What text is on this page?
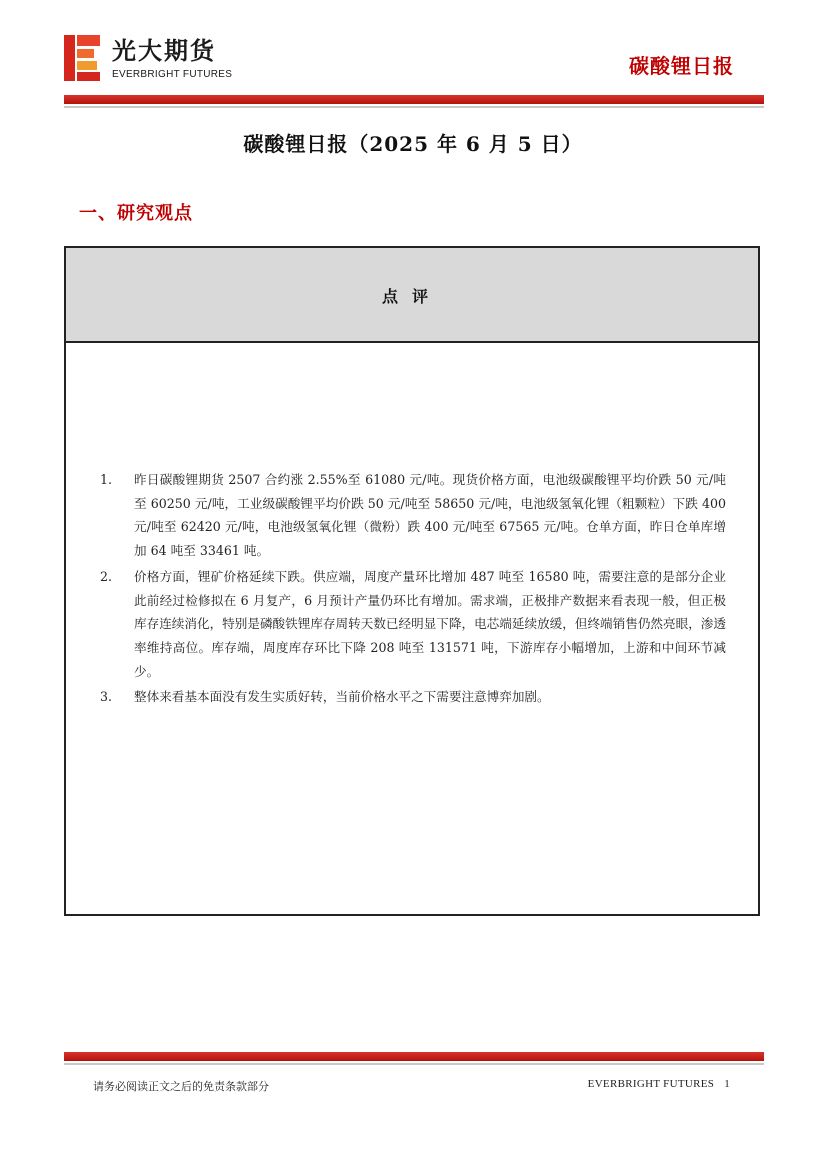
光大期货
EVERBRIGHT FUTURES	碳酸锂日报
碳酸锂日报（2025 年 6 月 5 日）
一、研究观点
点评
1. 昨日碳酸锂期货 2507 合约涨 2.55%至 61080 元/吨。现货价格方面，电池级碳酸锂平均价跌 50 元/吨至 60250 元/吨，工业级碳酸锂平均价跌 50 元/吨至 58650 元/吨，电池级氢氧化锂（粗颗粒）下跌 400 元/吨至 62420 元/吨，电池级氢氧化锂（微粉）跌 400 元/吨至 67565 元/吨。仓单方面，昨日仓单库增加 64 吨至 33461 吨。
2. 价格方面，锂矿价格延续下跌。供应端，周度产量环比增加 487 吨至 16580 吨，需要注意的是部分企业此前经过检修拟在 6 月复产，6 月预计产量仍环比有增加。需求端，正极排产数据来看表现一般，但正极库存连续消化，特别是磷酸铁锂库存周转天数已经明显下降，电芯端延续放缓，但终端销售仍然亮眼，渗透率维持高位。库存端，周度库存环比下降 208 吨至 131571 吨，下游库存小幅增加，上游和中间环节减少。
3. 整体来看基本面没有发生实质好转，当前价格水平之下需要注意博弈加剧。
请务必阅读正文之后的免责条款部分	EVERBRIGHT FUTURES 1
